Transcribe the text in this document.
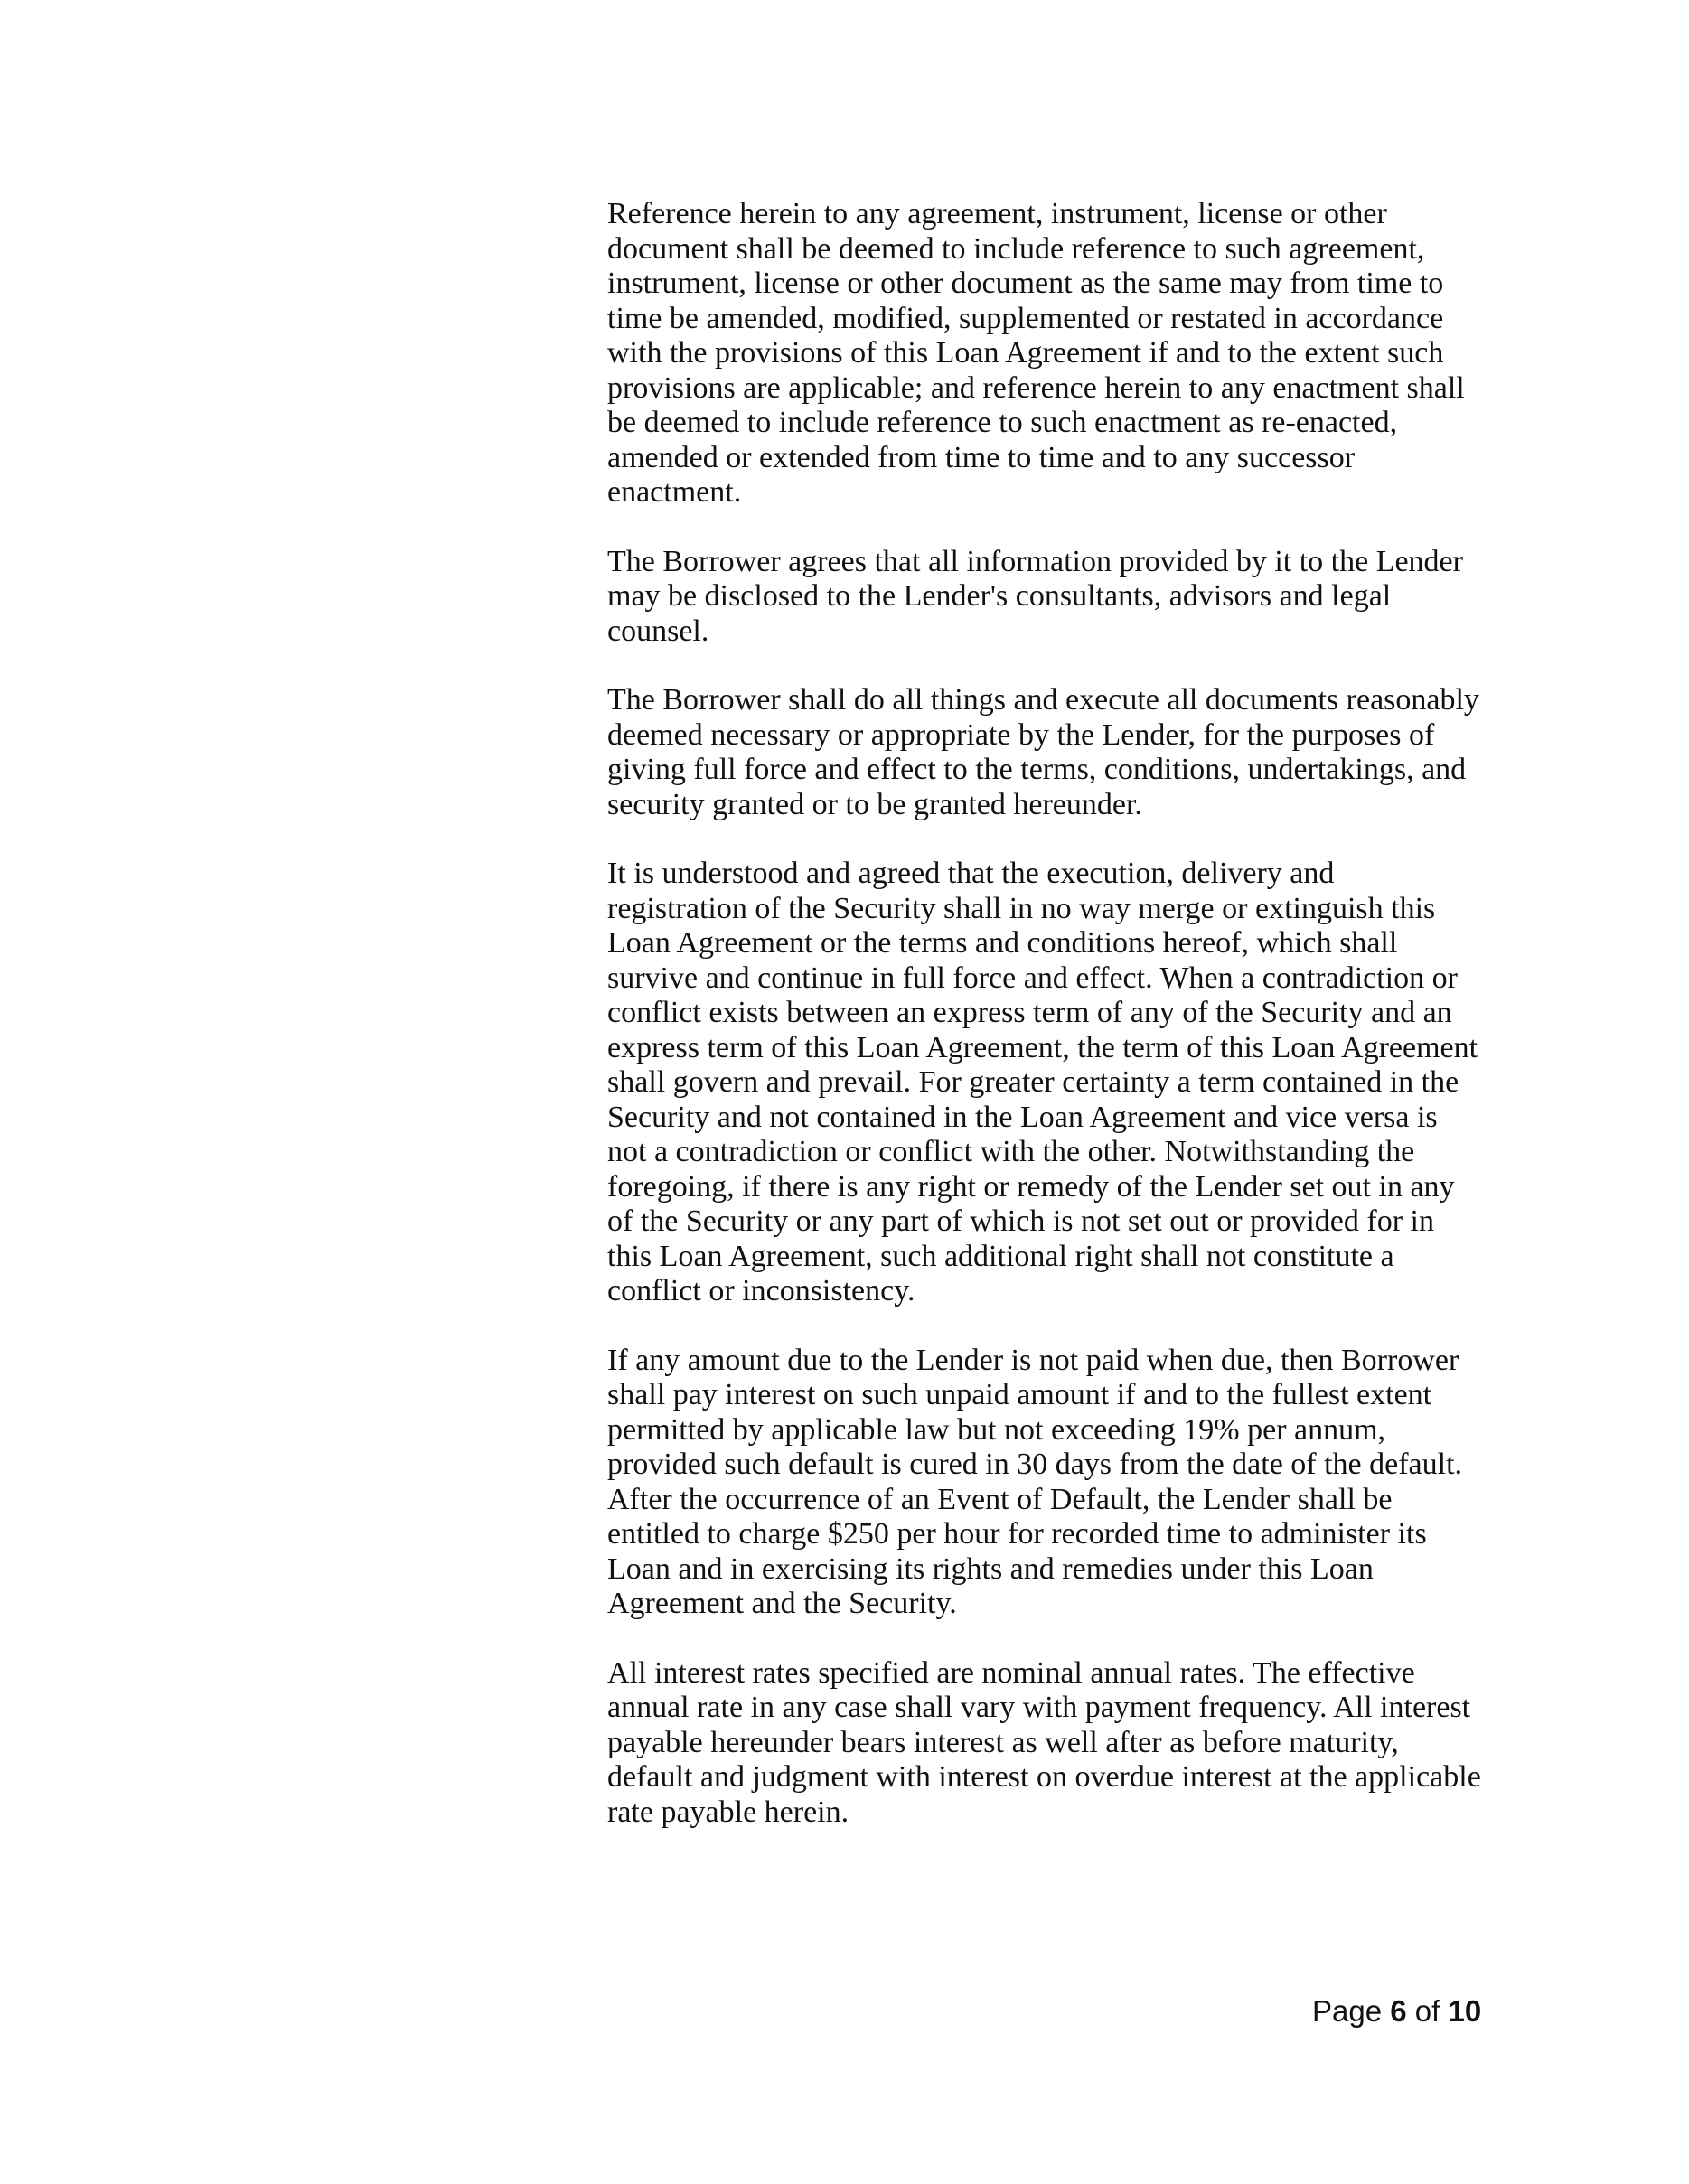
Reference herein to any agreement, instrument, license or other
document shall be deemed to include reference to such agreement,
instrument, license or other document as the same may from time to
time be amended, modified, supplemented or restated in accordance
with the provisions of this Loan Agreement if and to the extent such
provisions are applicable; and reference herein to any enactment shall
be deemed to include reference to such enactment as re-enacted,
amended or extended from time to time and to any successor
enactment.

The Borrower agrees that all information provided by it to the Lender
may be disclosed to the Lender's consultants, advisors and legal
counsel.

The Borrower shall do all things and execute all documents reasonably
deemed necessary or appropriate by the Lender, for the purposes of
giving full force and effect to the terms, conditions, undertakings, and
security granted or to be granted hereunder.

It is understood and agreed that the execution, delivery and
registration of the Security shall in no way merge or extinguish this
Loan Agreement or the terms and conditions hereof, which shall
survive and continue in full force and effect. When a contradiction or
conflict exists between an express term of any of the Security and an
express term of this Loan Agreement, the term of this Loan Agreement
shall govern and prevail. For greater certainty a term contained in the
Security and not contained in the Loan Agreement and vice versa is
not a contradiction or conflict with the other. Notwithstanding the
foregoing, if there is any right or remedy of the Lender set out in any
of the Security or any part of which is not set out or provided for in
this Loan Agreement, such additional right shall not constitute a
conflict or inconsistency.

If any amount due to the Lender is not paid when due, then Borrower
shall pay interest on such unpaid amount if and to the fullest extent
permitted by applicable law but not exceeding 19% per annum,
provided such default is cured in 30 days from the date of the default.
After the occurrence of an Event of Default, the Lender shall be
entitled to charge $250 per hour for recorded time to administer its
Loan and in exercising its rights and remedies under this Loan
Agreement and the Security.

All interest rates specified are nominal annual rates. The effective
annual rate in any case shall vary with payment frequency. All interest
payable hereunder bears interest as well after as before maturity,
default and judgment with interest on overdue interest at the applicable
rate payable herein.

Page 6 of 10
